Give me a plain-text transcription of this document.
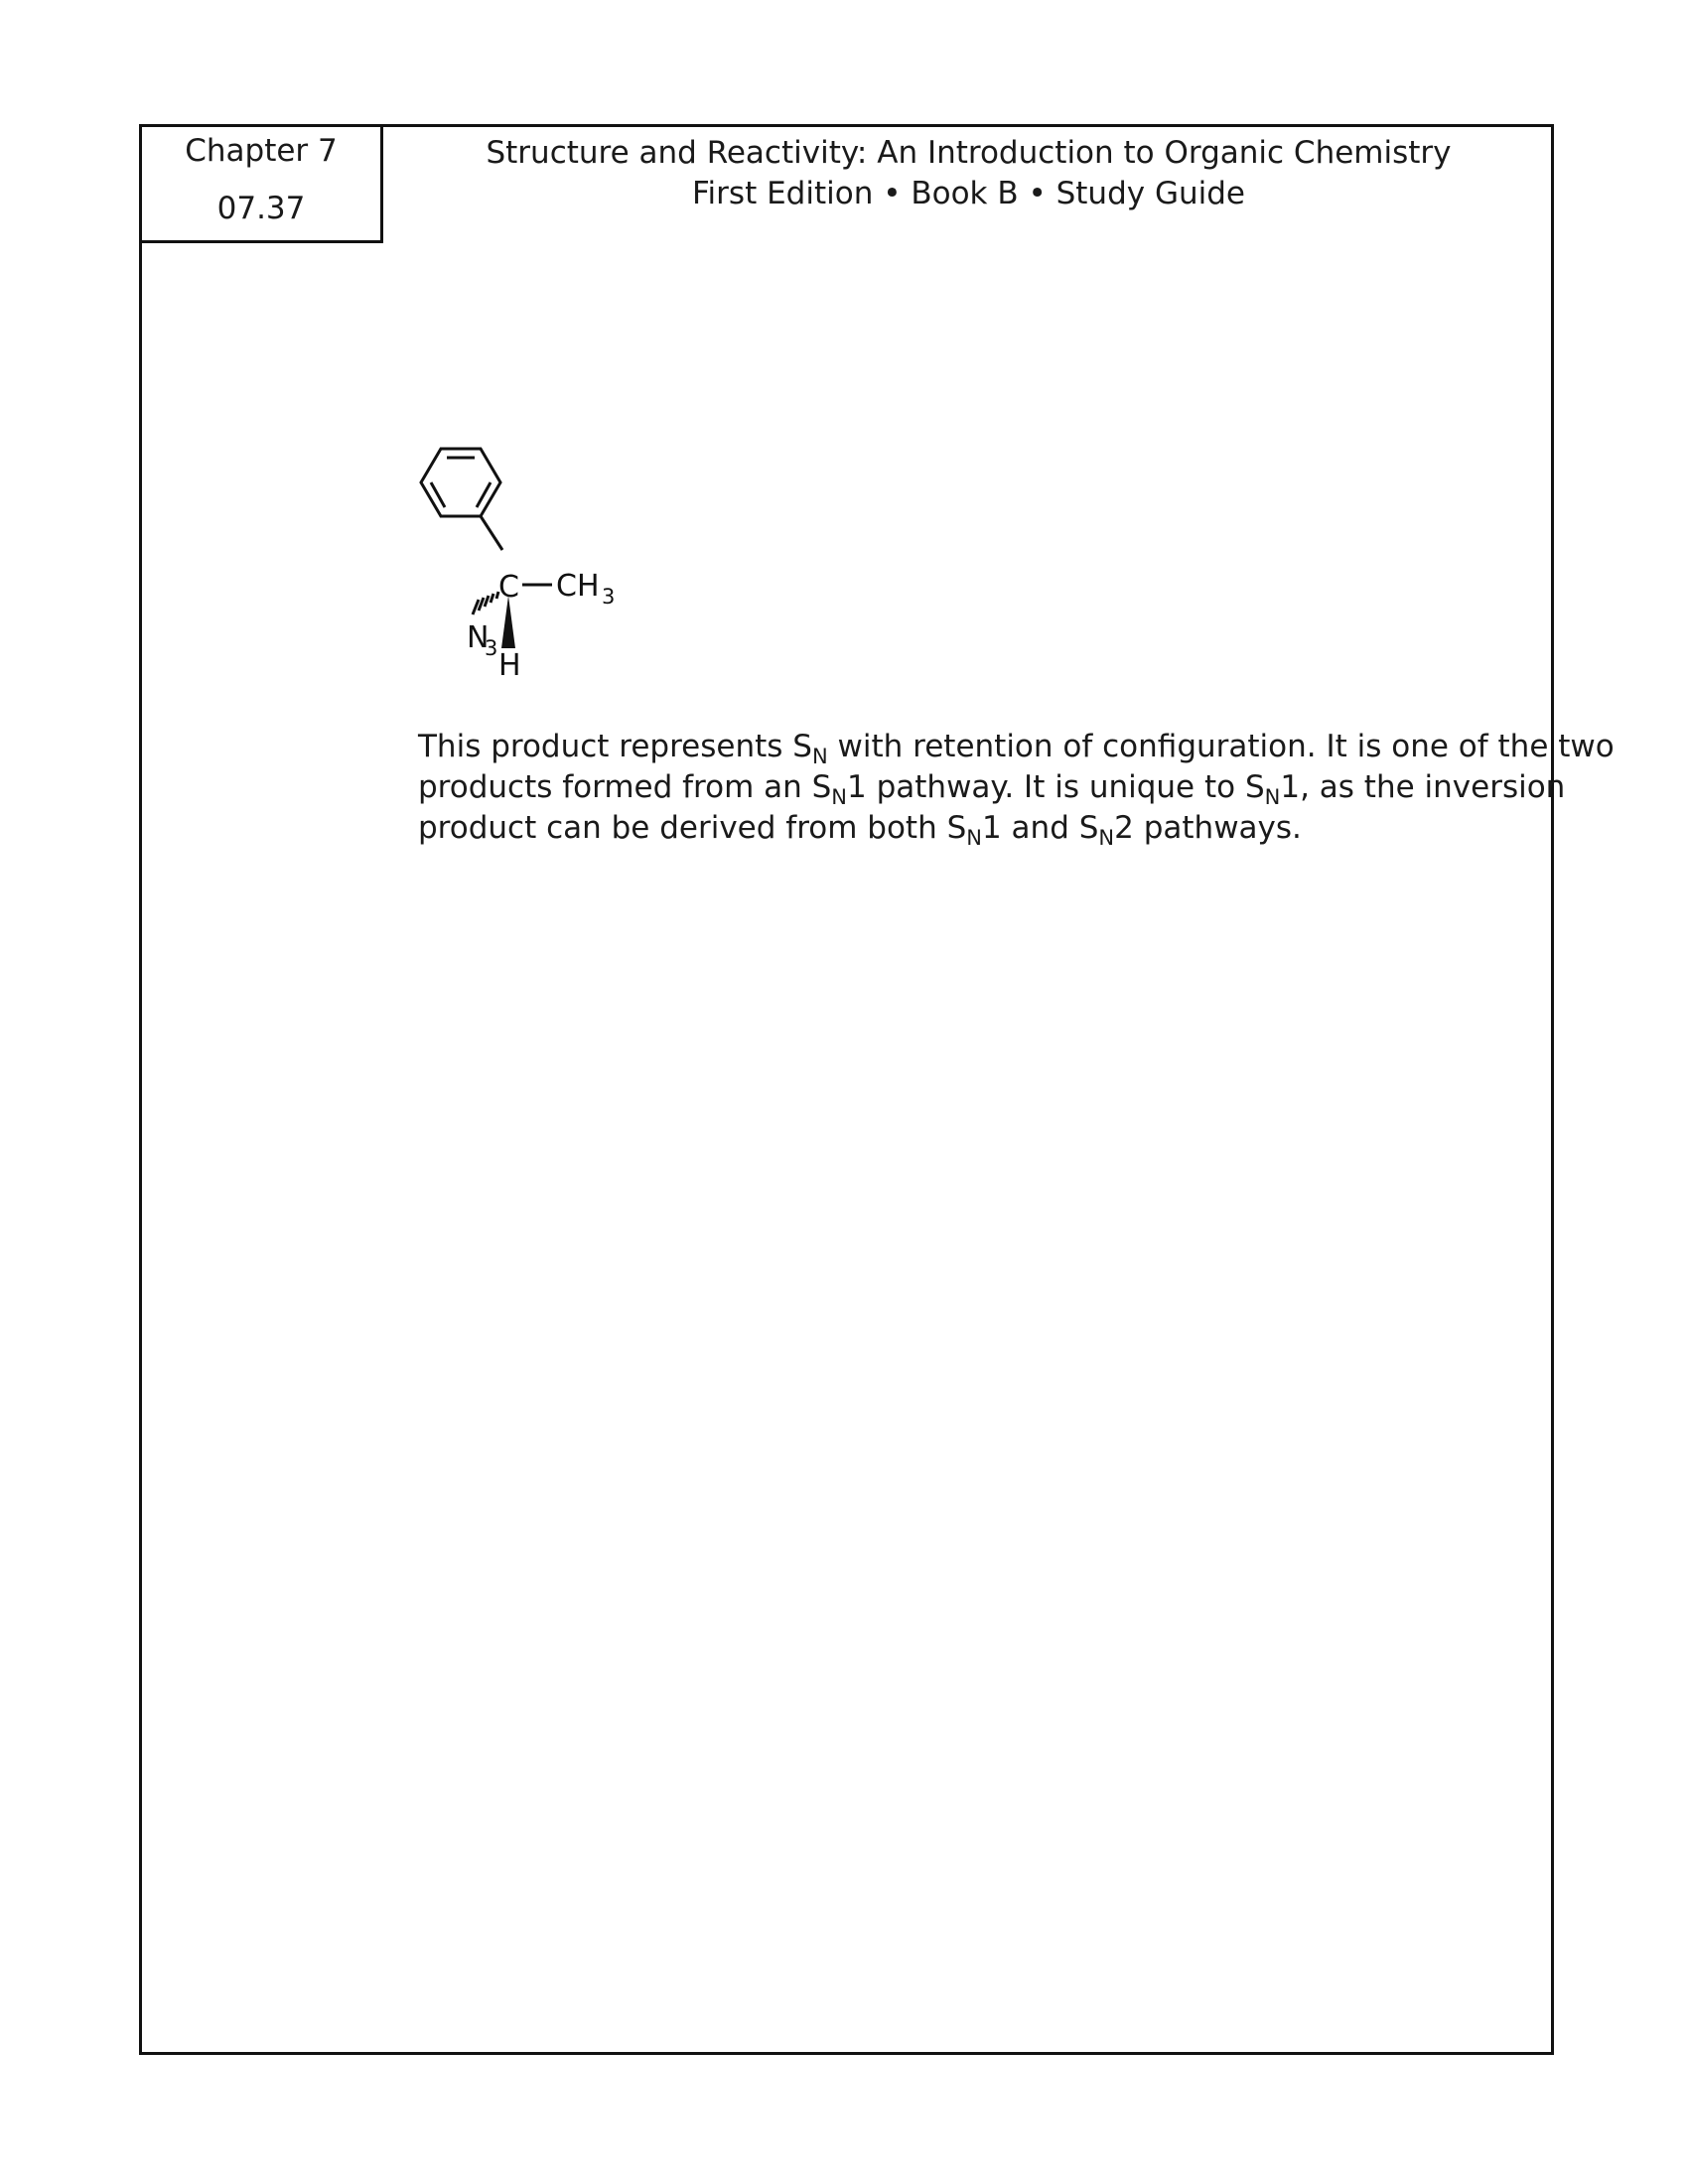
Chapter 7
07.37
Structure and Reactivity: An Introduction to Organic Chemistry
First Edition • Book B • Study Guide
C CH 3
N
3 H
This product represents $S_N$ with retention of configuration. It is one of the two
products formed from an $S_N1$ pathway. It is unique to $S_N1$, as the inversion
product can be derived from both $S_N1$ and $S_N2$ pathways.
